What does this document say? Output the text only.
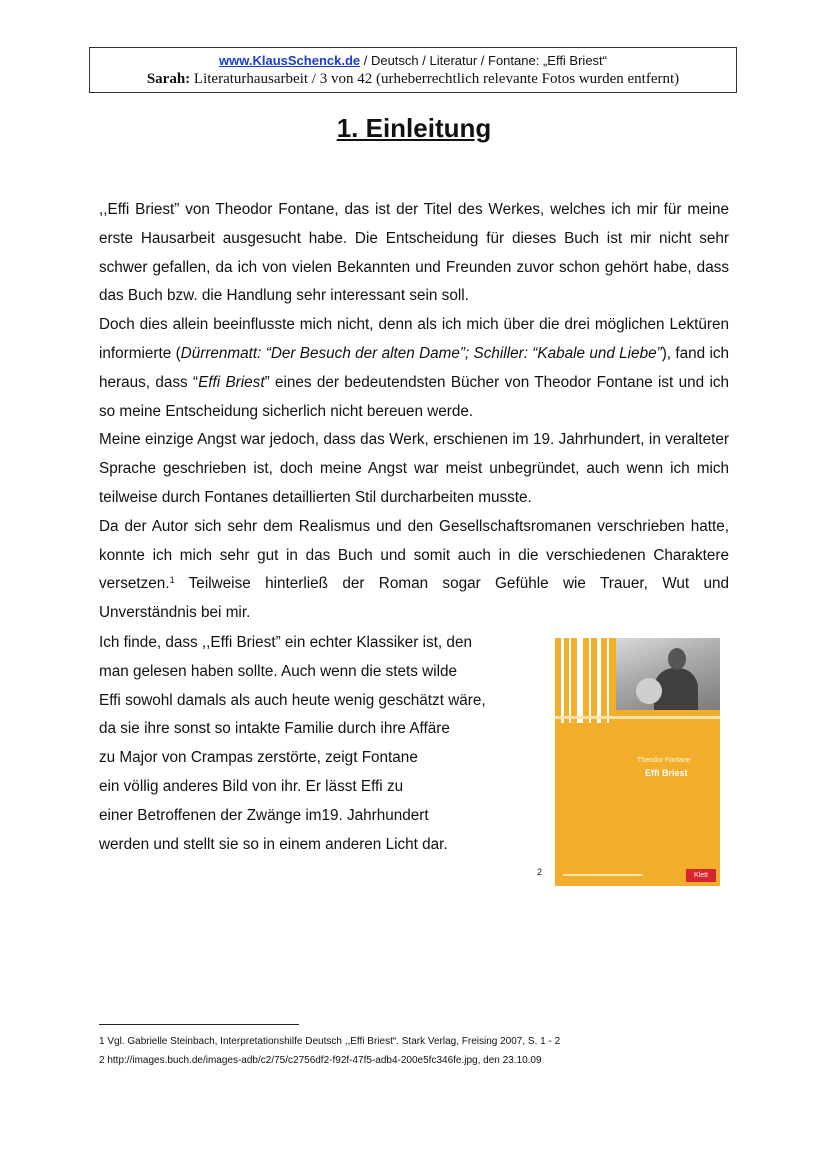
www.KlausSchenck.de / Deutsch / Literatur / Fontane: „Effi Briest“
Sarah: Literaturhausarbeit / 3 von 42 (urheberrechtlich relevante Fotos wurden entfernt)
1. Einleitung

,,Effi Briest” von Theodor Fontane, das ist der Titel des Werkes, welches ich mir für meine erste Hausarbeit ausgesucht habe. Die Entscheidung für dieses Buch ist mir nicht sehr schwer gefallen, da ich von vielen Bekannten und Freunden zuvor schon gehört habe, dass das Buch bzw. die Handlung sehr interessant sein soll.

Doch dies allein beeinflusste mich nicht, denn als ich mich über die drei möglichen Lektüren informierte (Dürrenmatt: “Der Besuch der alten Dame”; Schiller: “Kabale und Liebe”), fand ich heraus, dass “Effi Briest” eines der bedeutendsten Bücher von Theodor Fontane ist und ich so meine Entscheidung sicherlich nicht bereuen werde.

Meine einzige Angst war jedoch, dass das Werk, erschienen im 19. Jahrhundert, in veralteter Sprache geschrieben ist, doch meine Angst war meist unbegründet, auch wenn ich mich teilweise durch Fontanes detaillierten Stil durcharbeiten musste.

Da der Autor sich sehr dem Realismus und den Gesellschaftsromanen verschrieben hatte, konnte ich mich sehr gut in das Buch und somit auch in die verschiedenen Charaktere versetzen.$^1$ Teilweise hinterließ der Roman sogar Gefühle wie Trauer, Wut und Unverständnis bei mir.

Ich finde, dass ,,Effi Briest” ein echter Klassiker ist, den
man gelesen haben sollte. Auch wenn die stets wilde
Effi sowohl damals als auch heute wenig geschätzt wäre,
da sie ihre sonst so intakte Familie durch ihre Affäre
zu Major von Crampas zerstörte, zeigt Fontane
ein völlig anderes Bild von ihr. Er lässt Effi zu
einer Betroffenen der Zwänge im19. Jahrhundert
werden und stellt sie so in einem anderen Licht dar.
Theodor Fontane
Effi Briest
Klett
2
1 Vgl. Gabrielle Steinbach, Interpretationshilfe Deutsch ,,Effi Briest“. Stark Verlag, Freising 2007, S. 1 - 2
2 http://images.buch.de/images-adb/c2/75/c2756df2-f92f-47f5-adb4-200e5fc346fe.jpg, den 23.10.09
